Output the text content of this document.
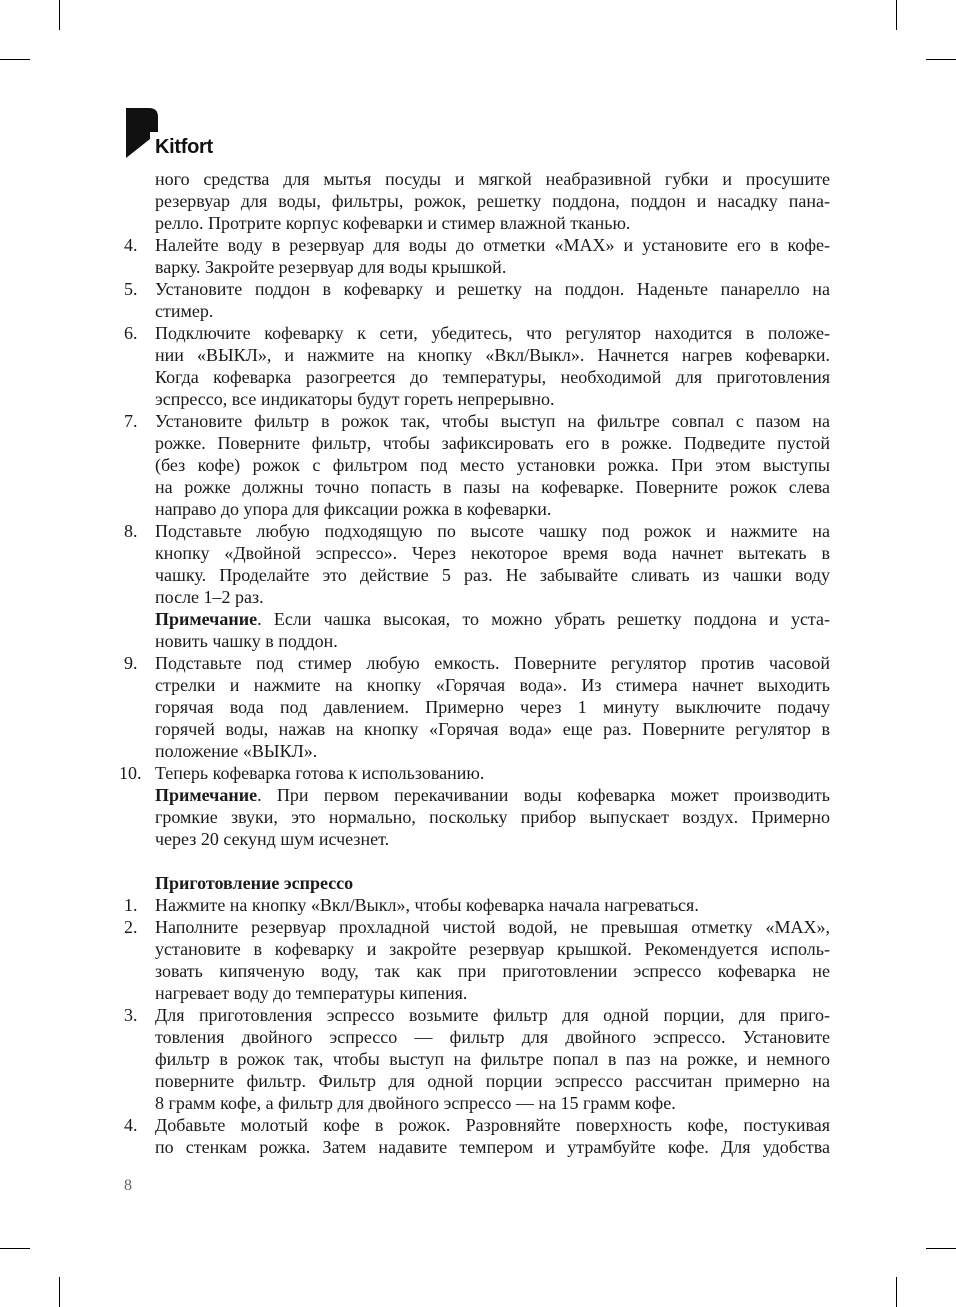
Kitfort
ного средства для мытья посуды и мягкой неабразивной губки и просушите
резервуар для воды, фильтры, рожок, решетку поддона, поддон и насадку пана-
релло. Протрите корпус кофеварки и стимер влажной тканью.
4. Налейте воду в резервуар для воды до отметки «MAX» и установите его в кофе-
варку. Закройте резервуар для воды крышкой.
5. Установите поддон в кофеварку и решетку на поддон. Наденьте панарелло на
стимер.
6. Подключите кофеварку к сети, убедитесь, что регулятор находится в положе-
нии «ВЫКЛ», и нажмите на кнопку «Вкл/Выкл». Начнется нагрев кофеварки.
Когда кофеварка разогреется до температуры, необходимой для приготовления
эспрессо, все индикаторы будут гореть непрерывно.
7. Установите фильтр в рожок так, чтобы выступ на фильтре совпал с пазом на
рожке. Поверните фильтр, чтобы зафиксировать его в рожке. Подведите пустой
(без кофе) рожок с фильтром под место установки рожка. При этом выступы
на рожке должны точно попасть в пазы на кофеварке. Поверните рожок слева
направо до упора для фиксации рожка в кофеварки.
8. Подставьте любую подходящую по высоте чашку под рожок и нажмите на
кнопку «Двойной эспрессо». Через некоторое время вода начнет вытекать в
чашку. Проделайте это действие 5 раз. Не забывайте сливать из чашки воду
после 1–2 раз.
Примечание. Если чашка высокая, то можно убрать решетку поддона и уста-
новить чашку в поддон.
9. Подставьте под стимер любую емкость. Поверните регулятор против часовой
стрелки и нажмите на кнопку «Горячая вода». Из стимера начнет выходить
горячая вода под давлением. Примерно через 1 минуту выключите подачу
горячей воды, нажав на кнопку «Горячая вода» еще раз. Поверните регулятор в
положение «ВЫКЛ».
10. Теперь кофеварка готова к использованию.
Примечание. При первом перекачивании воды кофеварка может производить
громкие звуки, это нормально, поскольку прибор выпускает воздух. Примерно
через 20 секунд шум исчезнет.
Приготовление эспрессо
1. Нажмите на кнопку «Вкл/Выкл», чтобы кофеварка начала нагреваться.
2. Наполните резервуар прохладной чистой водой, не превышая отметку «MAX»,
установите в кофеварку и закройте резервуар крышкой. Рекомендуется исполь-
зовать кипяченую воду, так как при приготовлении эспрессо кофеварка не
нагревает воду до температуры кипения.
3. Для приготовления эспрессо возьмите фильтр для одной порции, для приго-
товления двойного эспрессо — фильтр для двойного эспрессо. Установите
фильтр в рожок так, чтобы выступ на фильтре попал в паз на рожке, и немного
поверните фильтр. Фильтр для одной порции эспрессо рассчитан примерно на
8 грамм кофе, а фильтр для двойного эспрессо — на 15 грамм кофе.
4. Добавьте молотый кофе в рожок. Разровняйте поверхность кофе, постукивая
по стенкам рожка. Затем надавите темпером и утрамбуйте кофе. Для удобства
8
